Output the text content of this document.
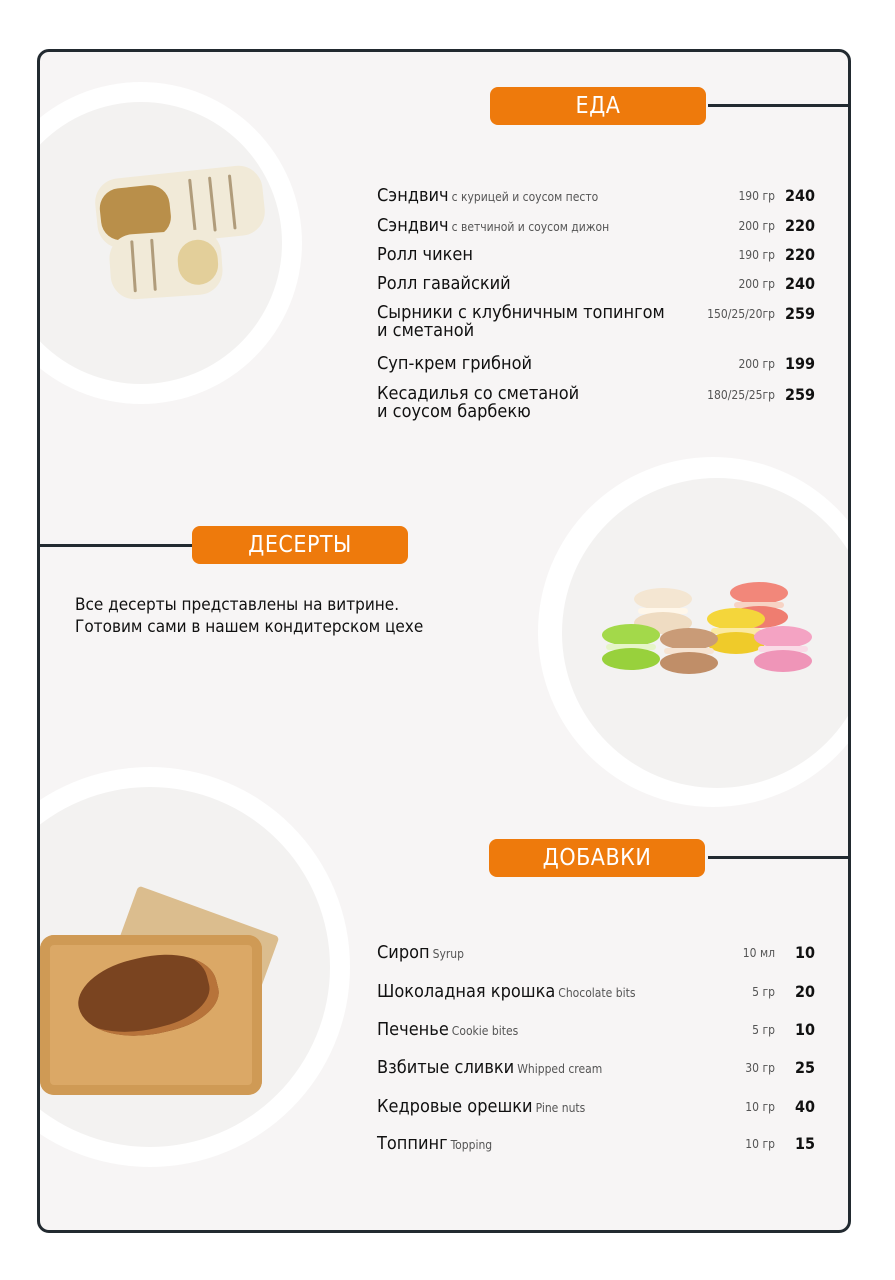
ЕДА
ДЕСЕРТЫ
ДОБАВКИ
Сэндвич с курицей и соусом песто	190 гр 240
Сэндвич с ветчиной и соусом дижон	200 гр 220
Ролл чикен	190 гр 220
Ролл гавайский	200 гр 240
Сырники с клубничным топингом
и сметаной
150/25/20гр 259
Суп-крем грибной	200 гр 199
Кесадилья со сметаной
и соусом барбекю
180/25/25гр 259
Все десерты представлены на витрине.
Готовим сами в нашем кондитерском цехе
Сироп Syrup	10 мл 10
Шоколадная крошка Chocolate bits	5 гр 20
Печенье Cookie bites	5 гр 10
Взбитые сливки Whipped cream	30 гр 25
Кедровые орешки Pine nuts	10 гр 40
Топпинг Topping	10 гр 15
